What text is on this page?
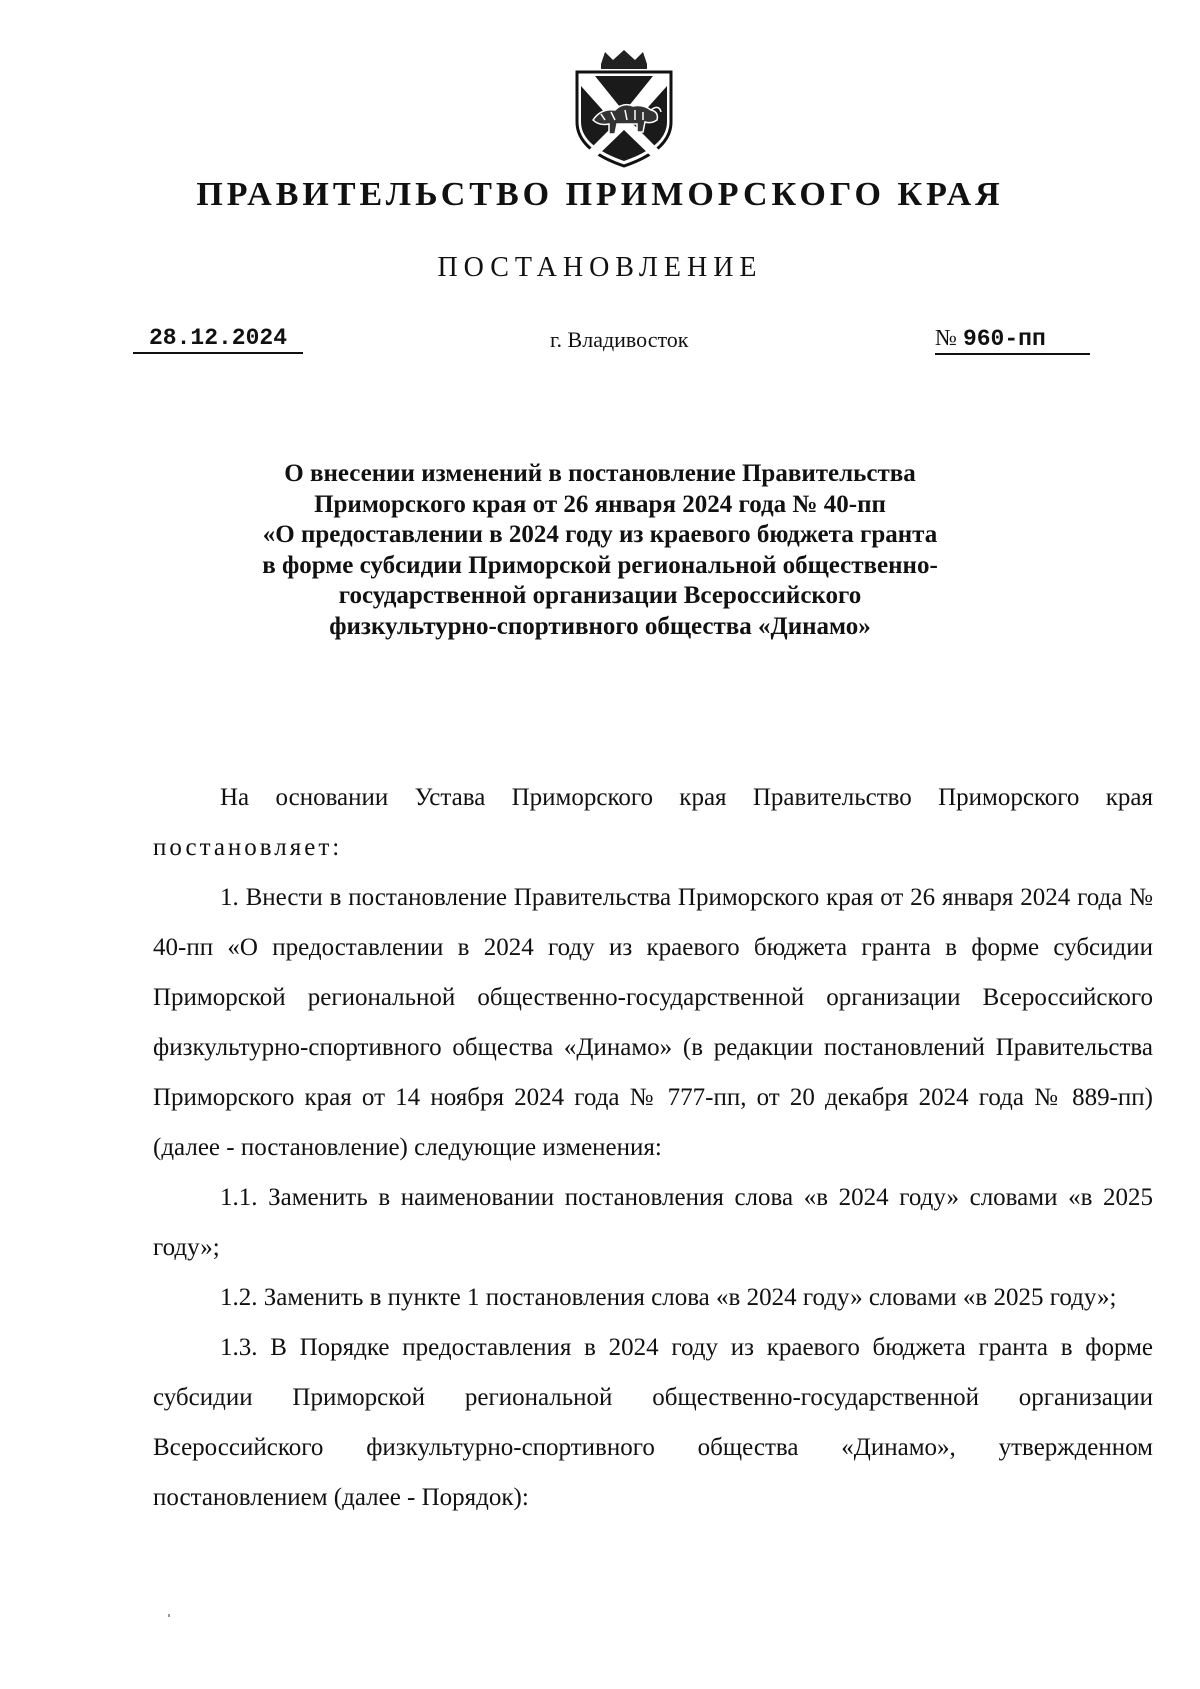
ПРАВИТЕЛЬСТВО ПРИМОРСКОГО КРАЯ
ПОСТАНОВЛЕНИЕ
28.12.2024	г. Владивосток	№ 960-пп
О внесении изменений в постановление Правительства
Приморского края от 26 января 2024 года № 40-пп
«О предоставлении в 2024 году из краевого бюджета гранта
в форме субсидии Приморской региональной общественно-
государственной организации Всероссийского
физкультурно-спортивного общества «Динамо»

На основании Устава Приморского края Правительство Приморского края постановляет:

1. Внести в постановление Правительства Приморского края от 26 января 2024 года № 40-пп «О предоставлении в 2024 году из краевого бюджета гранта в форме субсидии Приморской региональной общественно-государственной организации Всероссийского физкультурно-спортивного общества «Динамо» (в редакции постановлений Правительства Приморского края от 14 ноября 2024 года № 777-пп, от 20 декабря 2024 года № 889-пп) (далее - постановление) следующие изменения:

1.1. Заменить в наименовании постановления слова «в 2024 году» словами «в 2025 году»;

1.2. Заменить в пункте 1 постановления слова «в 2024 году» словами «в 2025 году»;

1.3. В Порядке предоставления в 2024 году из краевого бюджета гранта в форме субсидии Приморской региональной общественно-государственной организации Всероссийского физкультурно-спортивного общества «Динамо», утвержденном постановлением (далее - Порядок):
